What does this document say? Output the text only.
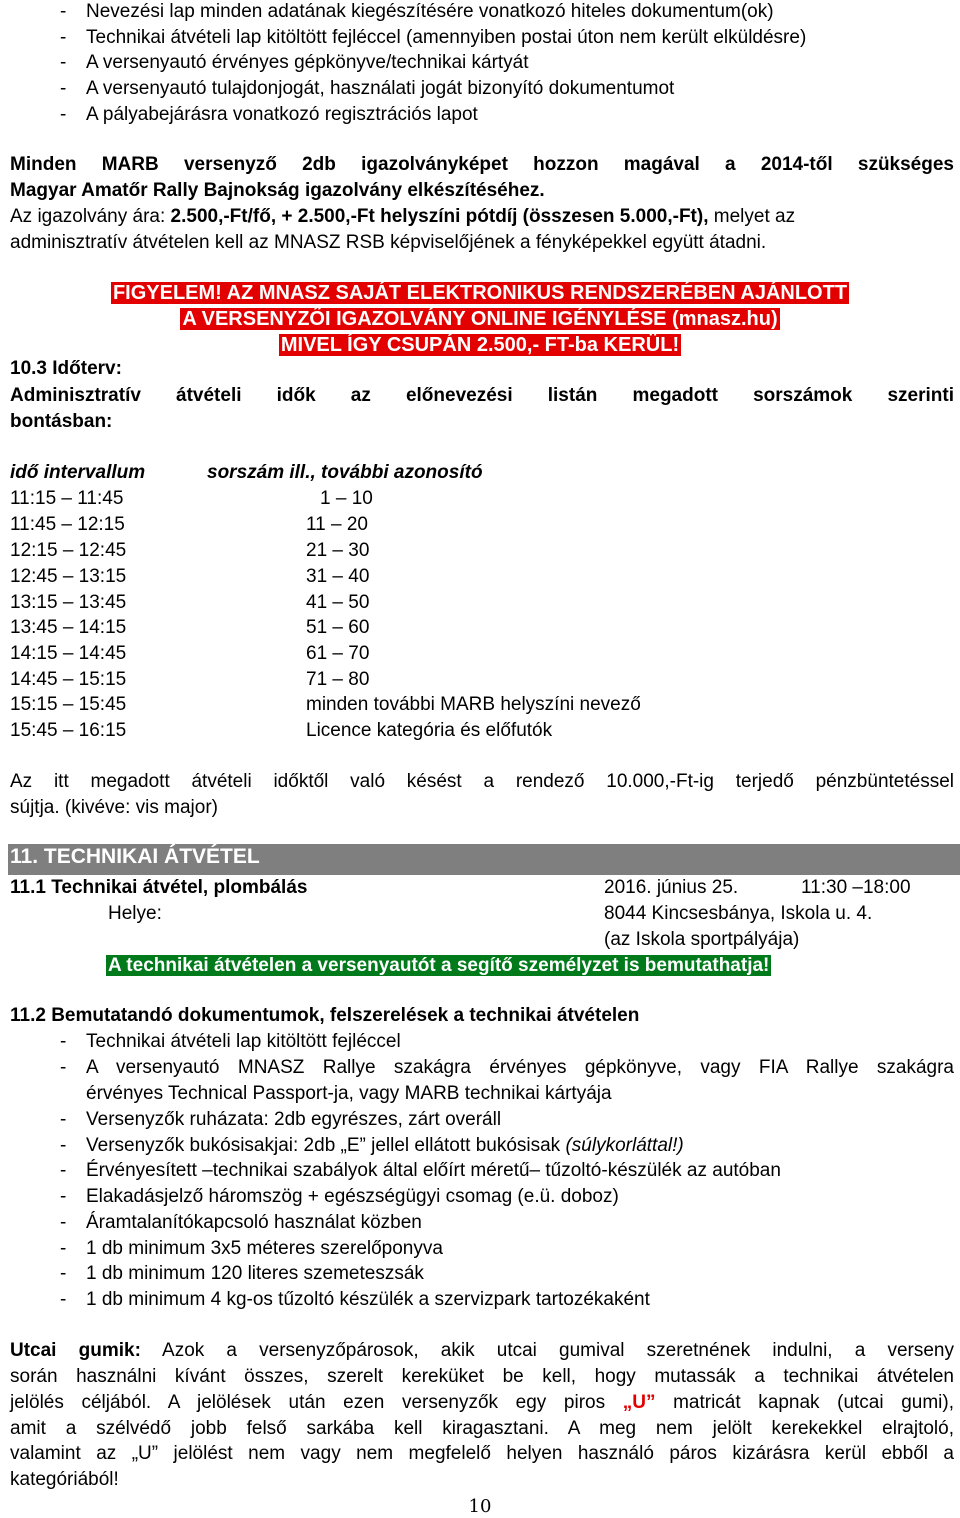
- Nevezési lap minden adatának kiegészítésére vonatkozó hiteles dokumentum(ok)
- Technikai átvételi lap kitöltött fejléccel (amennyiben postai úton nem került elküldésre)
- A versenyautó érvényes gépkönyve/technikai kártyát
- A versenyautó tulajdonjogát, használati jogát bizonyító dokumentumot
- A pályabejárásra vonatkozó regisztrációs lapot
Minden MARB versenyző 2db igazolványképet hozzon magával a 2014-től szükséges
Magyar Amatőr Rally Bajnokság igazolvány elkészítéséhez.
Az igazolvány ára: 2.500,-Ft/fő, + 2.500,-Ft helyszíni pótdíj (összesen 5.000,-Ft), melyet az
adminisztratív átvételen kell az MNASZ RSB képviselőjének a fényképekkel együtt átadni.
FIGYELEM! AZ MNASZ SAJÁT ELEKTRONIKUS RENDSZERÉBEN AJÁNLOTT
A VERSENYZŐI IGAZOLVÁNY ONLINE IGÉNYLÉSE (mnasz.hu)
MIVEL ÍGY CSUPÁN 2.500,- FT-ba KERÜL!
10.3 Időterv:
Adminisztratív átvételi idők az előnevezési listán megadott sorszámok szerinti
bontásban:
idő intervallum	sorszám ill., további azonosító
11:15 – 11:45	1 – 10
11:45 – 12:15	11 – 20
12:15 – 12:45	21 – 30
12:45 – 13:15	31 – 40
13:15 – 13:45	41 – 50
13:45 – 14:15	51 – 60
14:15 – 14:45	61 – 70
14:45 – 15:15	71 – 80
15:15 – 15:45	minden további MARB helyszíni nevező
15:45 – 16:15	Licence kategória és előfutók
Az itt megadott átvételi időktől való késést a rendező 10.000,-Ft-ig terjedő pénzbüntetéssel
sújtja. (kivéve: vis major)
11. TECHNIKAI ÁTVÉTEL
11.1 Technikai átvétel, plombálás	2016. június 25.	11:30 –18:00
Helye:	8044 Kincsesbánya, Iskola u. 4.
(az Iskola sportpályája)
A technikai átvételen a versenyautót a segítő személyzet is bemutathatja!
11.2 Bemutatandó dokumentumok, felszerelések a technikai átvételen
- Technikai átvételi lap kitöltött fejléccel
- A versenyautó MNASZ Rallye szakágra érvényes gépkönyve, vagy FIA Rallye szakágra
érvényes Technical Passport-ja, vagy MARB technikai kártyája
- Versenyzők ruházata: 2db egyrészes, zárt overáll
- Versenyzők bukósisakjai: 2db „E” jellel ellátott bukósisak (súlykorláttal!)
- Érvényesített –technikai szabályok által előírt méretű– tűzoltó-készülék az autóban
- Elakadásjelző háromszög + egészségügyi csomag (e.ü. doboz)
- Áramtalanítókapcsoló használat közben
- 1 db minimum 3x5 méteres szerelőponyva
- 1 db minimum 120 literes szemeteszsák
- 1 db minimum 4 kg-os tűzoltó készülék a szervizpark tartozékaként
Utcai gumik: Azok a versenyzőpárosok, akik utcai gumival szeretnének indulni, a verseny
során használni kívánt összes, szerelt kereküket be kell, hogy mutassák a technikai átvételen
jelölés céljából. A jelölések után ezen versenyzők egy piros „U” matricát kapnak (utcai gumi),
amit a szélvédő jobb felső sarkába kell kiragasztani. A meg nem jelölt kerekekkel elrajtoló,
valamint az „U” jelölést nem vagy nem megfelelő helyen használó páros kizárásra kerül ebből a
kategóriából!
10
